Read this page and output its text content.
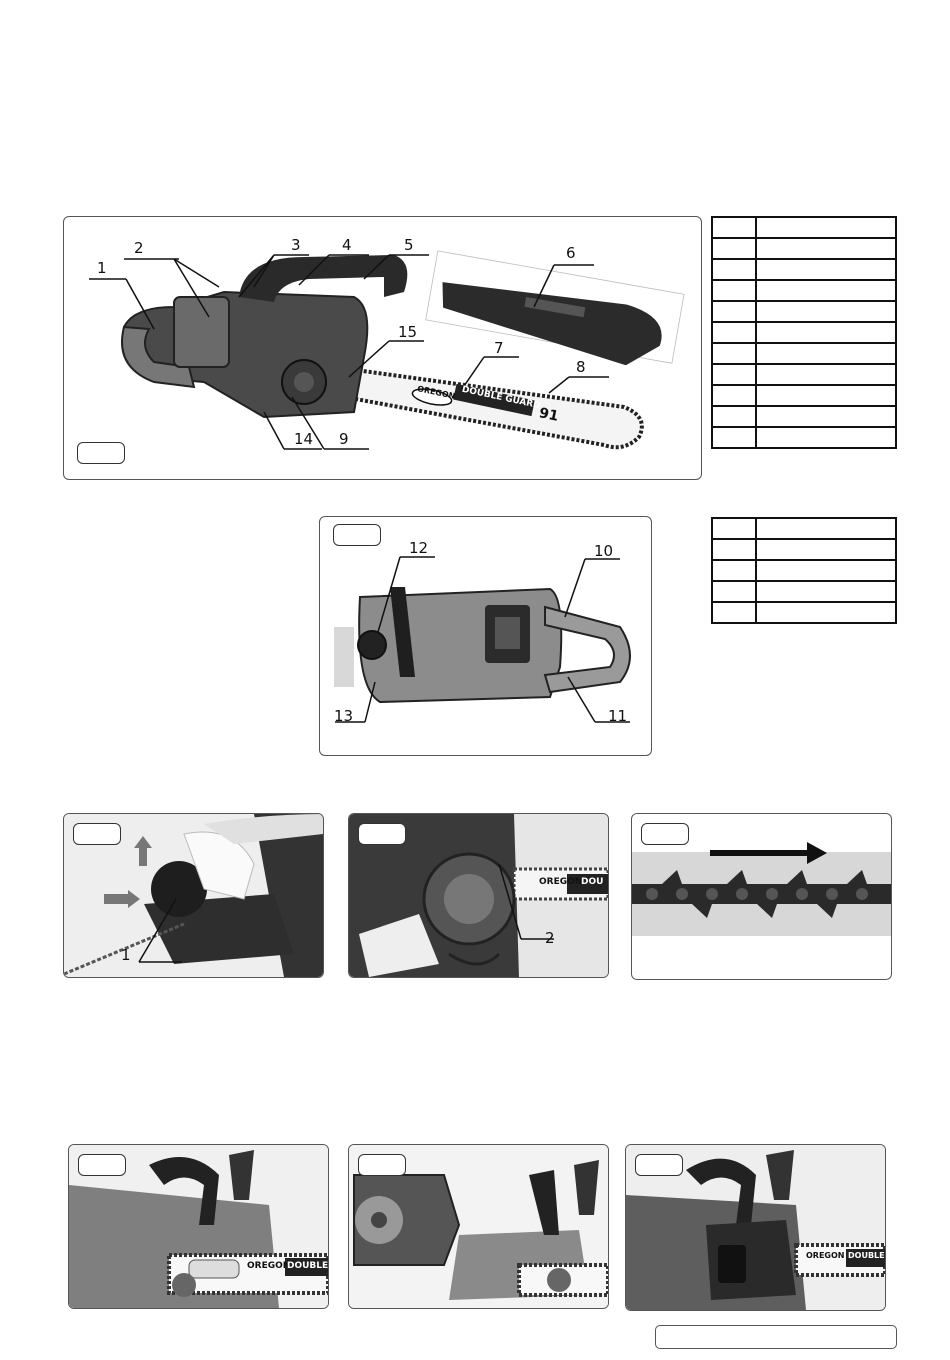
1
2	3	4	5	6
15
7
8
14 9
OREGON DOUBLE GUARD
91

12	10
13	11

1
OREGON
DOU
2
OREGON
DOUBLE
OREGON DOUBLE
